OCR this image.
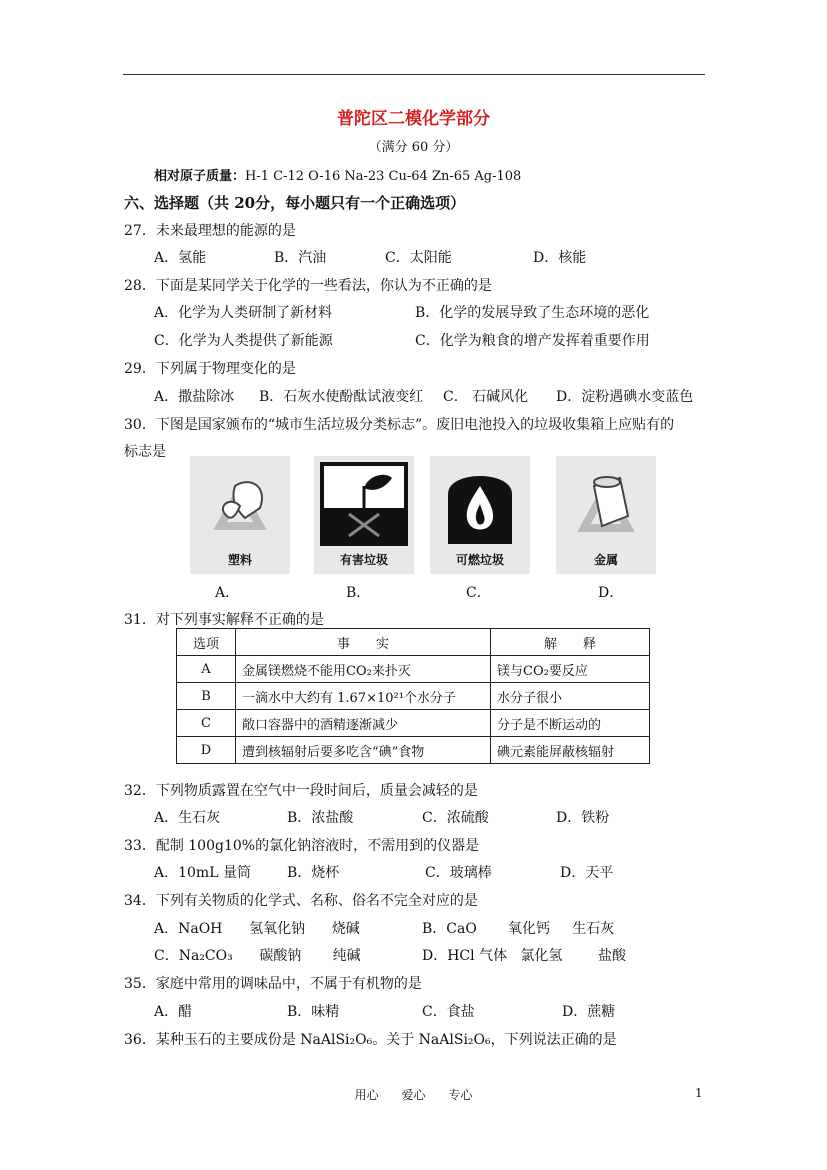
普陀区二模化学部分
（满分 60 分）
相对原子质量：H-1 C-12 O-16 Na-23 Cu-64 Zn-65 Ag-108
六、选择题（共 20分，每小题只有一个正确选项）
27．未来最理想的能源的是
A．氢能	B．汽油	C．太阳能	D．核能
28．下面是某同学关于化学的一些看法，你认为不正确的是
A．化学为人类研制了新材料	B．化学的发展导致了生态环境的恶化
C．化学为人类提供了新能源	C．化学为粮食的增产发挥着重要作用
29．下列属于物理变化的是
A．撒盐除冰 B．石灰水使酚酞试液变红 C． 石碱风化 D．淀粉遇碘水变蓝色
30．下图是国家颁布的“城市生活垃圾分类标志”。废旧电池投入的垃圾收集箱上应贴有的
标志是
塑料	有害垃圾	可燃垃圾	金属
A．	B．	C．	D．
31．对下列事实解释不正确的是
选项	事　　实	解　　释
A	金属镁燃烧不能用CO₂来扑灭	镁与CO₂要反应
B	一滴水中大约有 1.67×10²¹个水分子	水分子很小
C	敞口容器中的酒精逐渐减少	分子是不断运动的
D	遭到核辐射后要多吃含“碘”食物	碘元素能屏蔽核辐射
32．下列物质露置在空气中一段时间后，质量会减轻的是
A．生石灰	B．浓盐酸	C．浓硫酸	D．铁粉
33．配制 100g10%的氯化钠溶液时，不需用到的仪器是
A．10mL 量筒	B．烧杯	C．玻璃棒	D．天平
34．下列有关物质的化学式、名称、俗名不完全对应的是
A．NaOH      氢氧化钠      烧碱	B．CaO       氧化钙     生石灰
C．Na₂CO₃      碳酸钠       纯碱	D．HCl 气体   氯化氢        盐酸
35．家庭中常用的调味品中，不属于有机物的是
A．醋	B．味精	C．食盐	D．蔗糖
36．某种玉石的主要成份是 NaAlSi₂O₆。关于 NaAlSi₂O₆，下列说法正确的是
用心      爱心      专心	1
